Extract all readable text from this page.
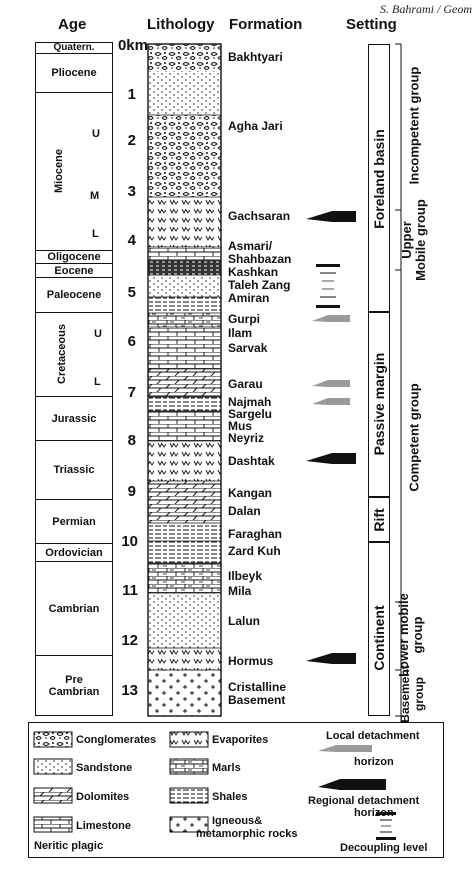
S. Bahrami / Geom
Age	Lithology Formation	Setting
Quatern.
Pliocene
Miocene
U
M
L
Oligocene
Eocene
Paleocene
Cretaceous U
L
Jurassic
Triassic
Permian
Ordovician
Cambrian
Pre
Cambrian
0km
1
2
3
4
5
6
7
8
9
10
11
12
13
Bakhtyari
Agha Jari
Gachsaran
Asmari/
Shahbazan
Kashkan
Taleh Zang
Amiran
Gurpi
Ilam
Sarvak
Garau
Najmah
Sargelu
Mus
Neyriz
Dashtak
Kangan
Dalan
Faraghan
Zard Kuh
Ilbeyk
Mila
Lalun
Hormus
Cristalline
Basement
Foreland basin
Passive margin
Rift
Continent
Incompetent group
Upper
Mobile group
Competent group
Lower mobile
group
Basement
group
Conglomerates	Evaporites
Sandstone	Marls
Dolomites	Shales
Limestone	Igneous&
metamorphic rocks
Neritic plagic
Local detachment
horizon
Regional detachment
horizon
Decoupling level
